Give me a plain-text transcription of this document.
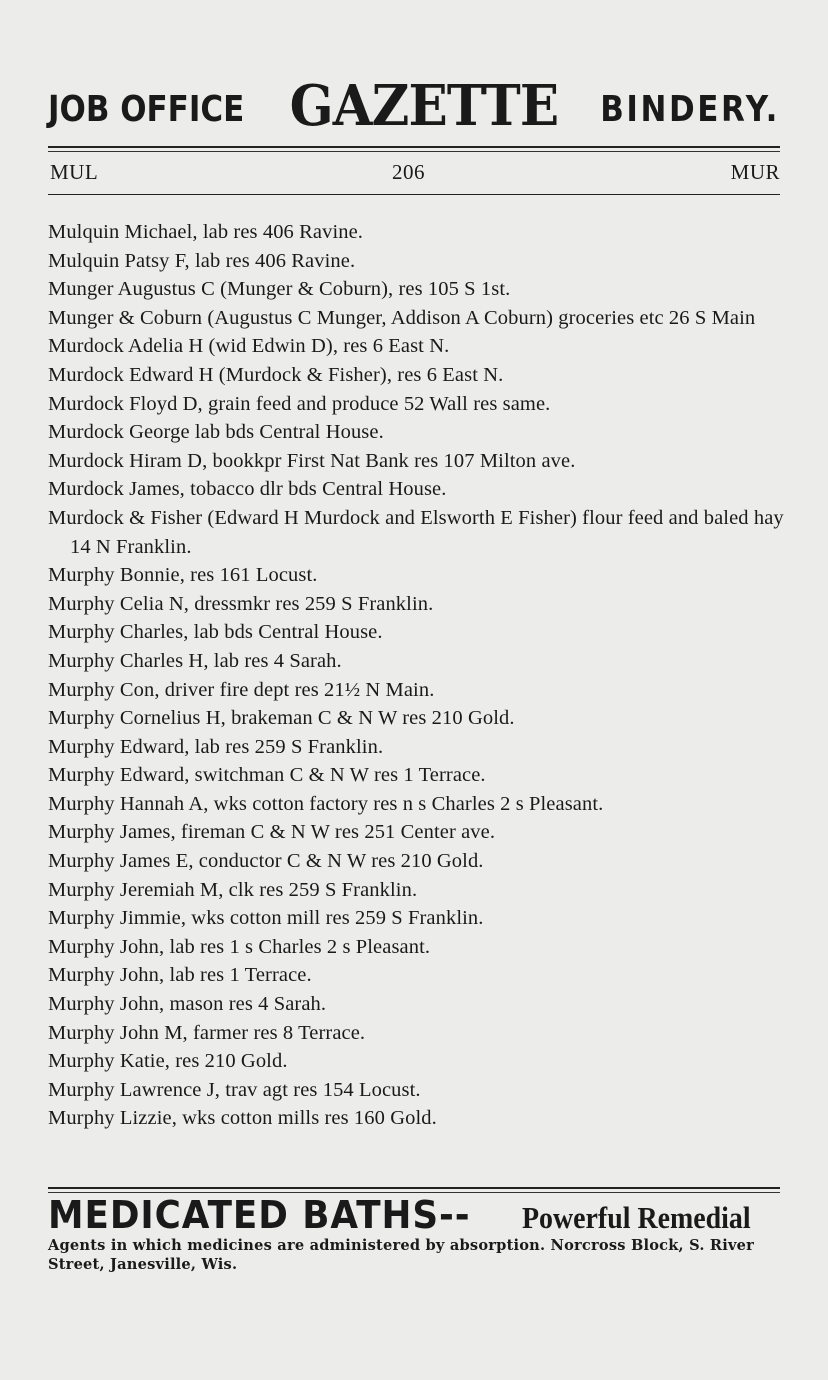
JOB OFFICE GAZETTE BINDERY.
MUL	206	MUR
Mulquin Michael, lab res 406 Ravine.
Mulquin Patsy F, lab res 406 Ravine.
Munger Augustus C (Munger & Coburn), res 105 S 1st.
Munger & Coburn (Augustus C Munger, Addison A Coburn) groceries etc 26 S Main
Murdock Adelia H (wid Edwin D), res 6 East N.
Murdock Edward H (Murdock & Fisher), res 6 East N.
Murdock Floyd D, grain feed and produce 52 Wall res same.
Murdock George lab bds Central House.
Murdock Hiram D, bookkpr First Nat Bank res 107 Milton ave.
Murdock James, tobacco dlr bds Central House.
Murdock & Fisher (Edward H Murdock and Elsworth E Fisher) flour feed and baled hay 14 N Franklin.
Murphy Bonnie, res 161 Locust.
Murphy Celia N, dressmkr res 259 S Franklin.
Murphy Charles, lab bds Central House.
Murphy Charles H, lab res 4 Sarah.
Murphy Con, driver fire dept res 21½ N Main.
Murphy Cornelius H, brakeman C & N W res 210 Gold.
Murphy Edward, lab res 259 S Franklin.
Murphy Edward, switchman C & N W res 1 Terrace.
Murphy Hannah A, wks cotton factory res n s Charles 2 s Pleasant.
Murphy James, fireman C & N W res 251 Center ave.
Murphy James E, conductor C & N W res 210 Gold.
Murphy Jeremiah M, clk res 259 S Franklin.
Murphy Jimmie, wks cotton mill res 259 S Franklin.
Murphy John, lab res 1 s Charles 2 s Pleasant.
Murphy John, lab res 1 Terrace.
Murphy John, mason res 4 Sarah.
Murphy John M, farmer res 8 Terrace.
Murphy Katie, res 210 Gold.
Murphy Lawrence J, trav agt res 154 Locust.
Murphy Lizzie, wks cotton mills res 160 Gold.
MEDICATED BATHS-- Powerful Remedial
Agents in which medicines are administered by absorption. Norcross Block, S. River Street, Janesville, Wis.
